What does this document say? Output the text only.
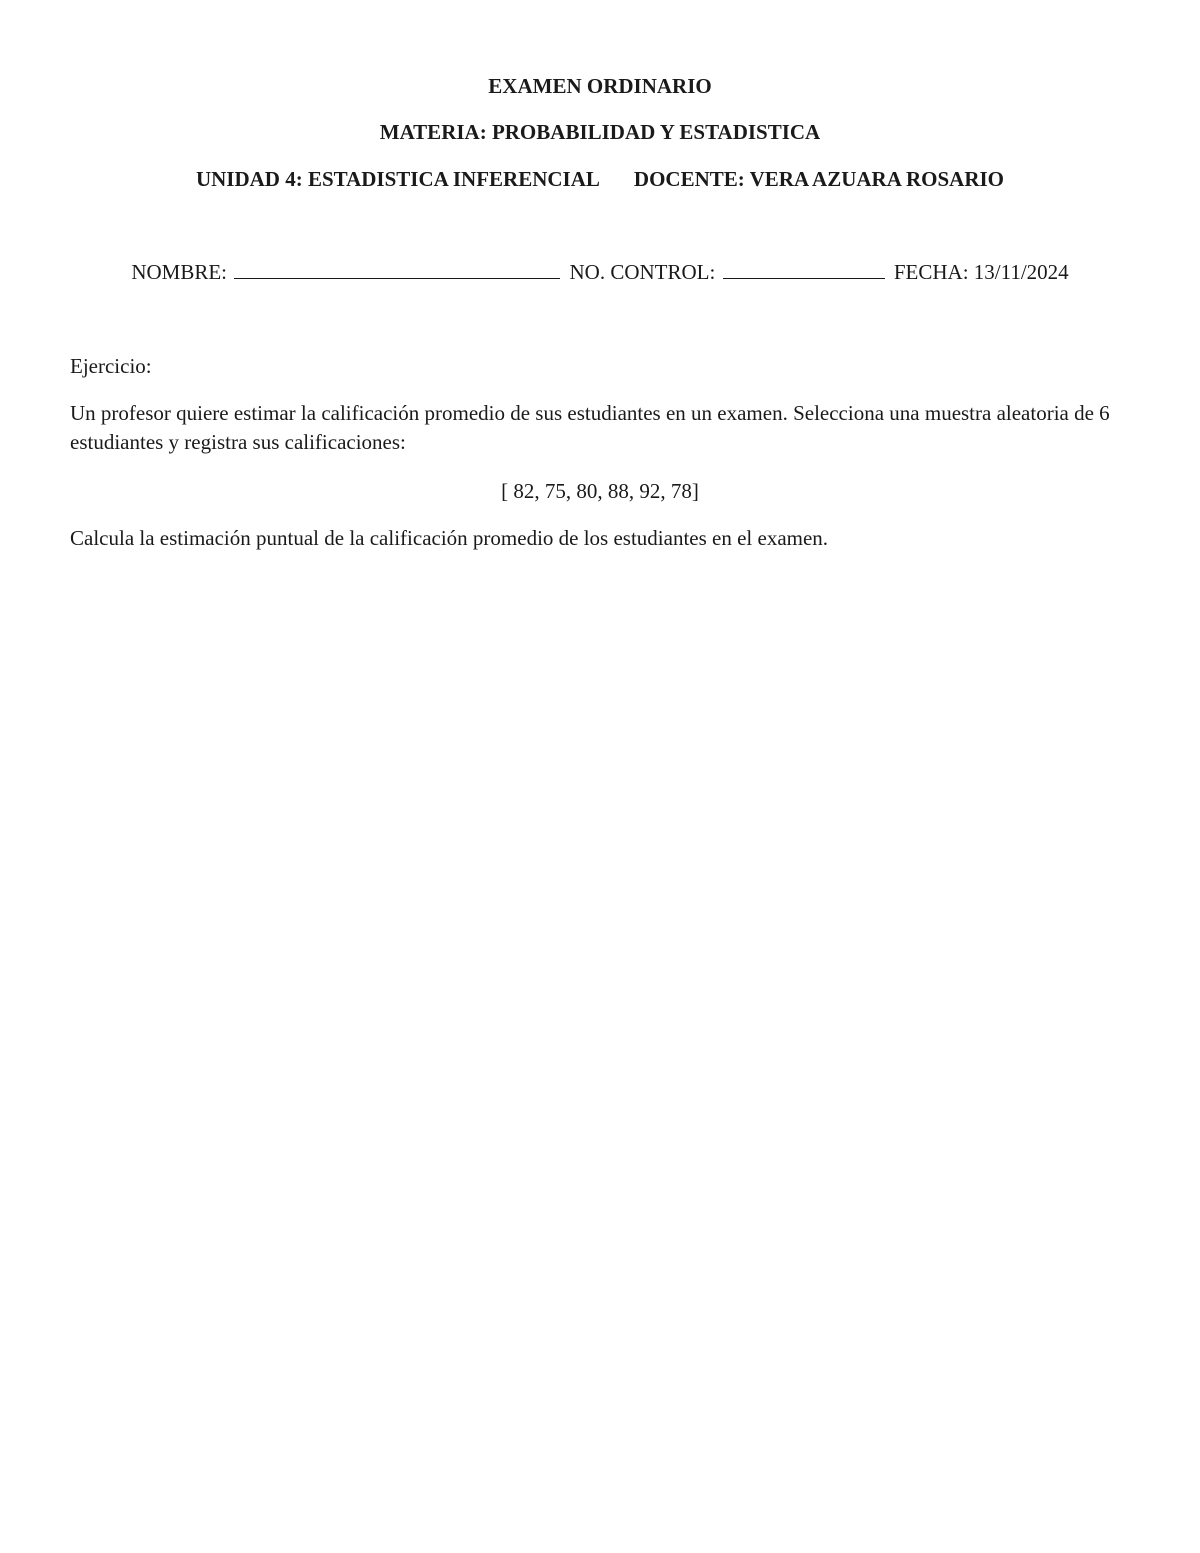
EXAMEN ORDINARIO

MATERIA: PROBABILIDAD Y ESTADISTICA

UNIDAD 4: ESTADISTICA INFERENCIAL DOCENTE: VERA AZUARA ROSARIO
NOMBRE:	NO. CONTROL:	FECHA: 13/11/2024

Ejercicio:

Un profesor quiere estimar la calificación promedio de sus estudiantes en un examen. Selecciona una muestra aleatoria de 6 estudiantes y registra sus calificaciones:

[ 82, 75, 80, 88, 92, 78]

Calcula la estimación puntual de la calificación promedio de los estudiantes en el examen.
